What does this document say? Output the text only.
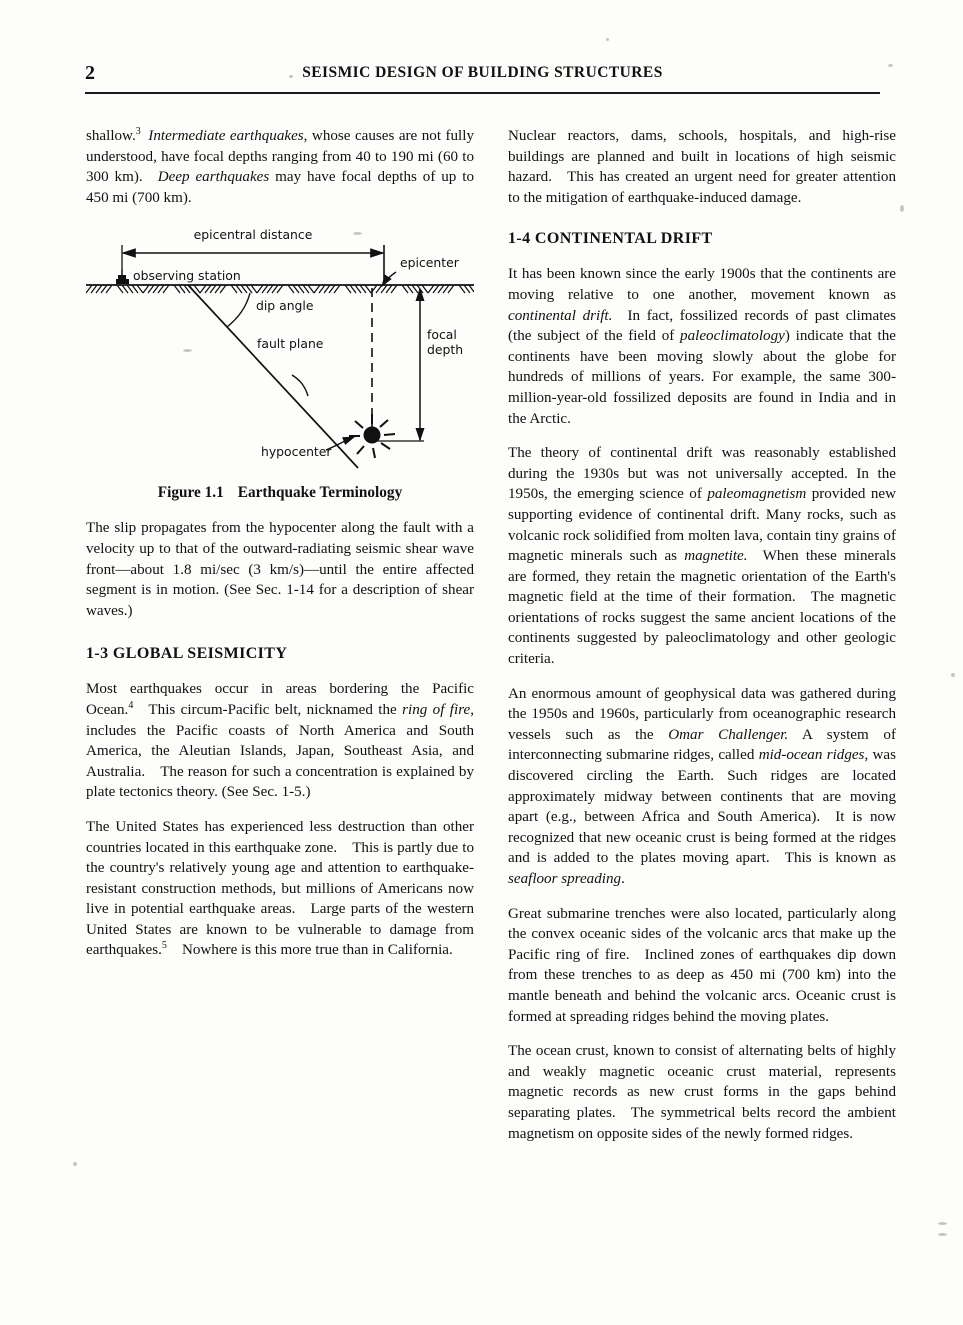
2	SEISMIC DESIGN OF BUILDING STRUCTURES

shallow.$^3$  Intermediate earthquakes, whose causes are not fully understood, have focal depths ranging from 40 to 190 mi (60 to 300 km). Deep earthquakes may have focal depths of up to 450 mi (700 km).

epicentral distance
observing station
epicenter
dip angle
fault plane
focal
depth
hypocenter

Figure 1.1 Earthquake Terminology

The slip propagates from the hypocenter along the fault with a velocity up to that of the outward-radiating seismic shear wave front—about 1.8 mi/sec (3 km/s)—until the entire affected segment is in motion. (See Sec. 1-14 for a description of shear waves.)

1-3 GLOBAL SEISMICITY

Most earthquakes occur in areas bordering the Pacific Ocean.$^4$ This circum-Pacific belt, nicknamed the ring of fire, includes the Pacific coasts of North America and South America, the Aleutian Islands, Japan, Southeast Asia, and Australia. The reason for such a concentration is explained by plate tectonics theory. (See Sec. 1-5.)

The United States has experienced less destruction than other countries located in this earthquake zone. This is partly due to the country's relatively young age and attention to earthquake-resistant construction methods, but millions of Americans now live in potential earthquake areas. Large parts of the western United States are known to be vulnerable to damage from earthquakes.$^5$ Nowhere is this more true than in California.

Nuclear reactors, dams, schools, hospitals, and high-rise buildings are planned and built in locations of high seismic hazard. This has created an urgent need for greater attention to the mitigation of earthquake-induced damage.

1-4 CONTINENTAL DRIFT

It has been known since the early 1900s that the continents are moving relative to one another, movement known as continental drift. In fact, fossilized records of past climates (the subject of the field of paleoclimatology) indicate that the continents have been moving slowly about the globe for hundreds of millions of years. For example, the same 300-million-year-old fossilized deposits are found in India and in the Arctic.

The theory of continental drift was reasonably established during the 1930s but was not universally accepted. In the 1950s, the emerging science of paleomagnetism provided new supporting evidence of continental drift. Many rocks, such as volcanic rock solidified from molten lava, contain tiny grains of magnetic minerals such as magnetite. When these minerals are formed, they retain the magnetic orientation of the Earth's magnetic field at the time of their formation. The magnetic orientations of rocks suggest the same ancient locations of the continents suggested by paleoclimatology and other geologic criteria.

An enormous amount of geophysical data was gathered during the 1950s and 1960s, particularly from oceanographic research vessels such as the Omar Challenger. A system of interconnecting submarine ridges, called mid-ocean ridges, was discovered circling the Earth. Such ridges are located approximately midway between continents that are moving apart (e.g., between Africa and South America). It is now recognized that new oceanic crust is being formed at the ridges and is added to the plates moving apart. This is known as seafloor spreading.

Great submarine trenches were also located, particularly along the convex oceanic sides of the volcanic arcs that make up the Pacific ring of fire. Inclined zones of earthquakes dip down from these trenches to as deep as 450 mi (700 km) into the mantle beneath and behind the volcanic arcs. Oceanic crust is formed at spreading ridges behind the moving plates.

The ocean crust, known to consist of alternating belts of highly and weakly magnetic oceanic crust material, represents magnetic records as new crust forms in the gaps behind separating plates. The symmetrical belts record the ambient magnetism on opposite sides of the newly formed ridges.
